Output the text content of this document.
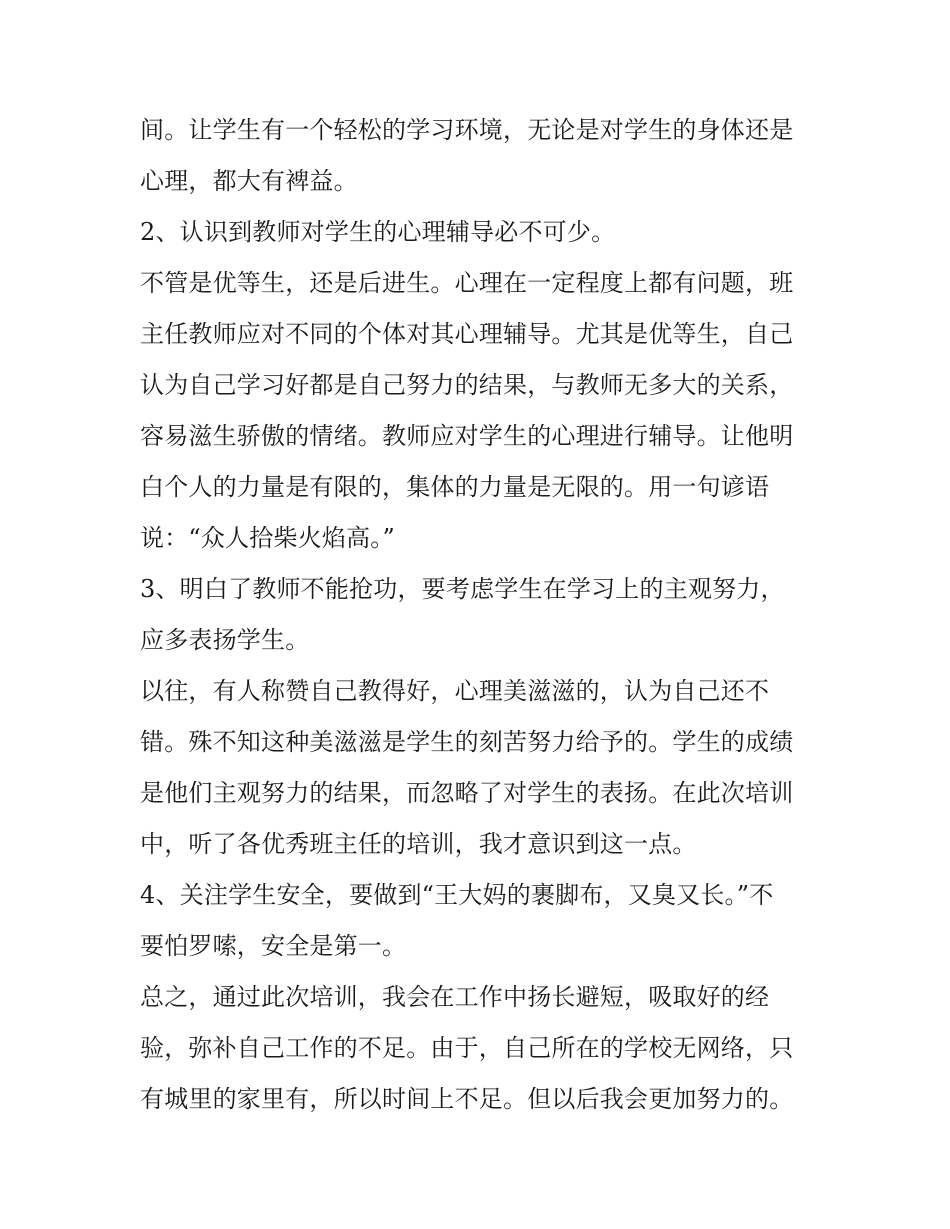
间。让学生有一个轻松的学习环境，无论是对学生的身体还是
心理，都大有裨益。
2、认识到教师对学生的心理辅导必不可少。
不管是优等生，还是后进生。心理在一定程度上都有问题，班
主任教师应对不同的个体对其心理辅导。尤其是优等生，自己
认为自己学习好都是自己努力的结果，与教师无多大的关系，
容易滋生骄傲的情绪。教师应对学生的心理进行辅导。让他明
白个人的力量是有限的，集体的力量是无限的。用一句谚语
说：“众人拾柴火焰高。”
3、明白了教师不能抢功，要考虑学生在学习上的主观努力，
应多表扬学生。
以往，有人称赞自己教得好，心理美滋滋的，认为自己还不
错。殊不知这种美滋滋是学生的刻苦努力给予的。学生的成绩
是他们主观努力的结果，而忽略了对学生的表扬。在此次培训
中，听了各优秀班主任的培训，我才意识到这一点。
4、关注学生安全，要做到“王大妈的裹脚布，又臭又长。”不
要怕罗嗦，安全是第一。
总之，通过此次培训，我会在工作中扬长避短，吸取好的经
验，弥补自己工作的不足。由于，自己所在的学校无网络，只
有城里的家里有，所以时间上不足。但以后我会更加努力的。
